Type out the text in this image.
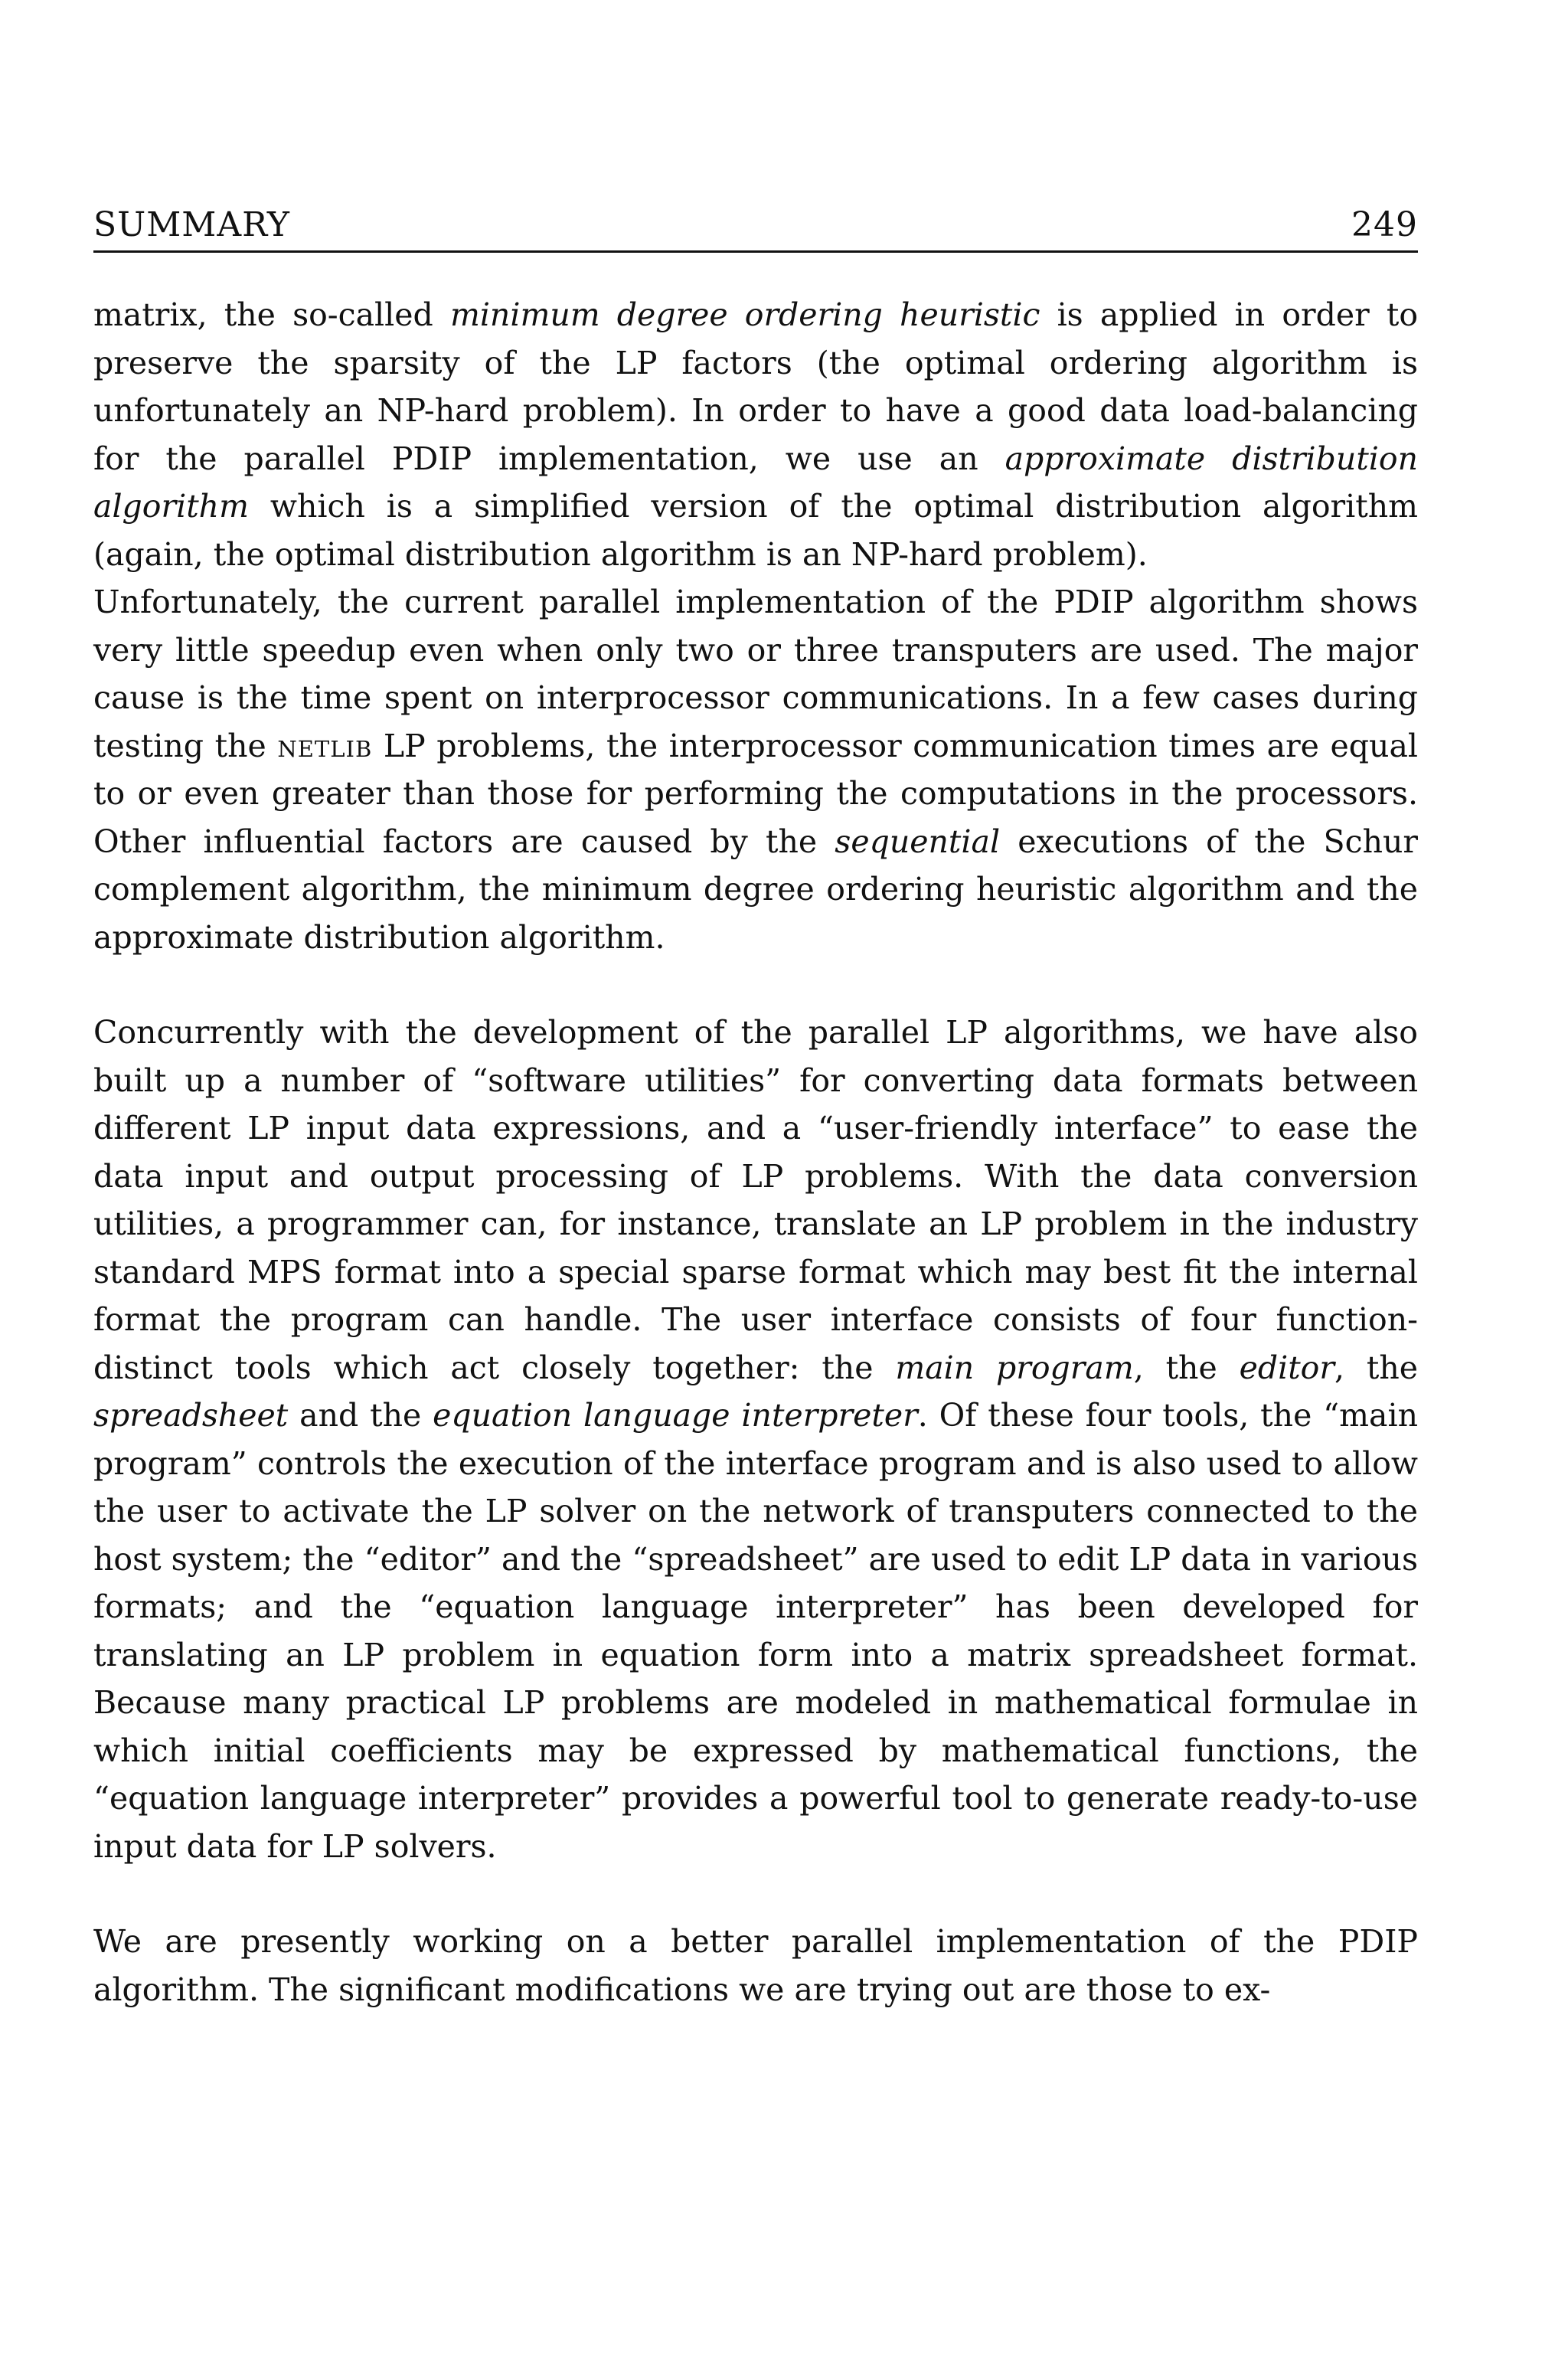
SUMMARY	249

matrix, the so-called minimum degree ordering heuristic is applied in order to preserve the sparsity of the LP factors (the optimal ordering algorithm is unfortunately an NP-hard problem). In order to have a good data load-balancing for the parallel PDIP implementation, we use an approximate distribution algorithm which is a simplified version of the optimal distribution algorithm (again, the optimal distribution algorithm is an NP-hard problem).

Unfortunately, the current parallel implementation of the PDIP algorithm shows very little speedup even when only two or three transputers are used. The major cause is the time spent on interprocessor communications. In a few cases during testing the netlib LP problems, the interprocessor communication times are equal to or even greater than those for performing the computations in the processors. Other influential factors are caused by the sequential executions of the Schur complement algorithm, the minimum degree ordering heuristic algorithm and the approximate distribution algorithm.

Concurrently with the development of the parallel LP algorithms, we have also built up a number of “software utilities” for converting data formats between different LP input data expressions, and a “user-friendly interface” to ease the data input and output processing of LP problems. With the data conversion utilities, a programmer can, for instance, translate an LP problem in the industry standard MPS format into a special sparse format which may best fit the internal format the program can handle. The user interface consists of four function-distinct tools which act closely together: the main program, the editor, the spreadsheet and the equation language interpreter. Of these four tools, the “main program” controls the execution of the interface program and is also used to allow the user to activate the LP solver on the network of transputers connected to the host system; the “editor” and the “spreadsheet” are used to edit LP data in various formats; and the “equation language interpreter” has been developed for translating an LP problem in equation form into a matrix spreadsheet format. Because many practical LP problems are modeled in mathematical formulae in which initial coefficients may be expressed by mathematical functions, the “equation language interpreter” provides a powerful tool to generate ready-to-use input data for LP solvers.

We are presently working on a better parallel implementation of the PDIP algorithm. The significant modifications we are trying out are those to ex-
